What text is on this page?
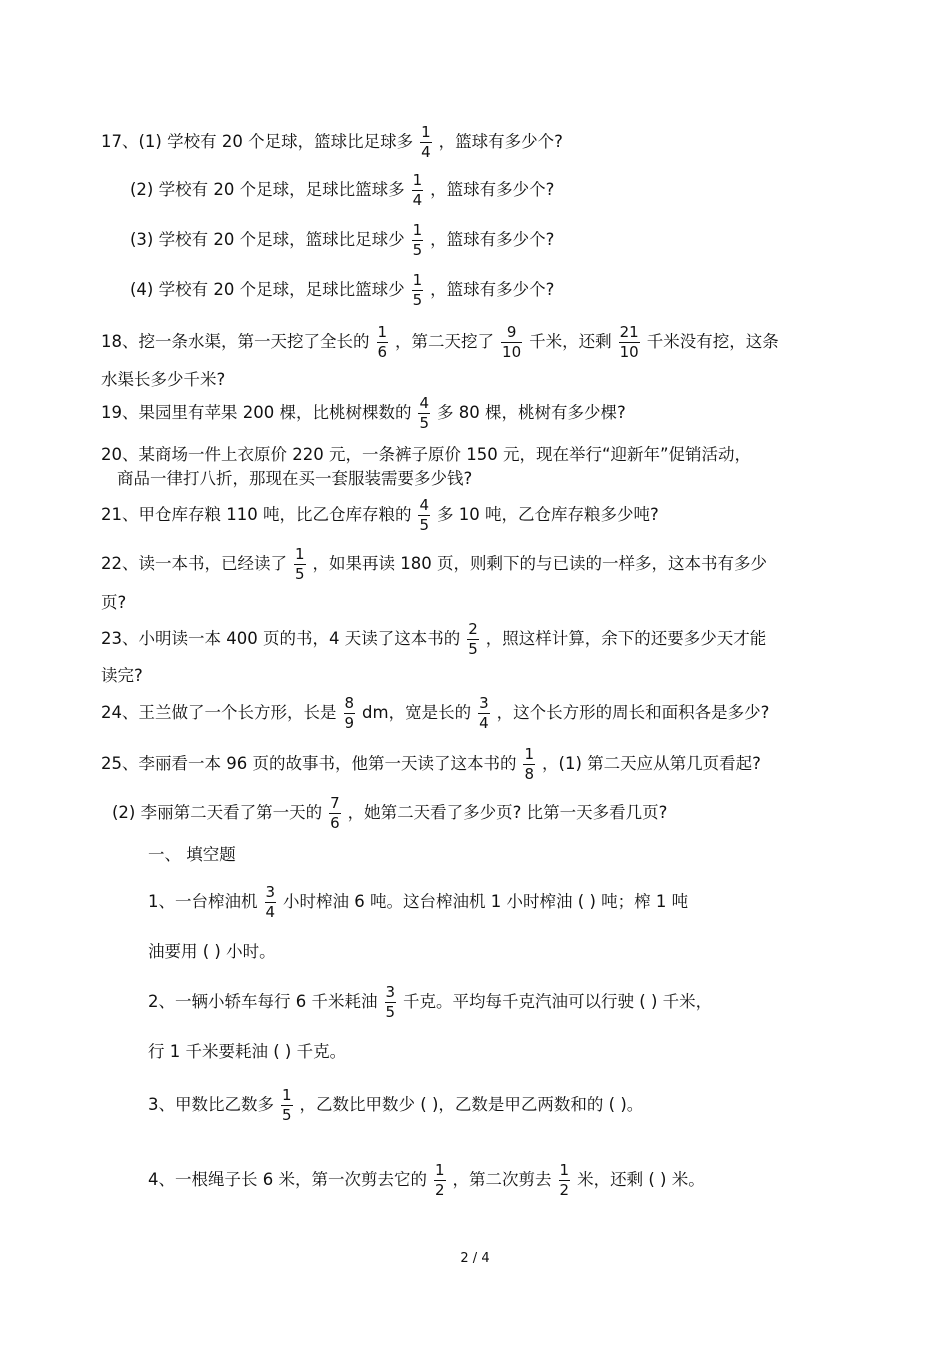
17、(1) 学校有 20 个足球，篮球比足球多 $\frac{1}{4}$ ，篮球有多少个?
(2) 学校有 20 个足球，足球比篮球多 $\frac{1}{4}$ ，篮球有多少个?
(3) 学校有 20 个足球，篮球比足球少 $\frac{1}{5}$ ，篮球有多少个?
(4) 学校有 20 个足球，足球比篮球少 $\frac{1}{5}$ ，篮球有多少个?
18、挖一条水渠，第一天挖了全长的 $\frac{1}{6}$ ，第二天挖了 $\frac{9}{10}$ 千米，还剩 $\frac{21}{10}$ 千米没有挖，这条
水渠长多少千米?
19、果园里有苹果 200 棵，比桃树棵数的 $\frac{4}{5}$ 多 80 棵，桃树有多少棵?
20、某商场一件上衣原价 220 元，一条裤子原价 150 元，现在举行“迎新年”促销活动，
商品一律打八折，那现在买一套服装需要多少钱?
21、甲仓库存粮 110 吨，比乙仓库存粮的 $\frac{4}{5}$ 多 10 吨，乙仓库存粮多少吨?
22、读一本书，已经读了 $\frac{1}{5}$ ，如果再读 180 页，则剩下的与已读的一样多，这本书有多少
页?
23、小明读一本 400 页的书，4 天读了这本书的 $\frac{2}{5}$ ，照这样计算，余下的还要多少天才能
读完?
24、王兰做了一个长方形，长是 $\frac{8}{9}$ dm，宽是长的 $\frac{3}{4}$ ，这个长方形的周长和面积各是多少?
25、李丽看一本 96 页的故事书，他第一天读了这本书的 $\frac{1}{8}$ ，(1) 第二天应从第几页看起?
(2) 李丽第二天看了第一天的 $\frac{7}{6}$ ，她第二天看了多少页? 比第一天多看几页?
一、 填空题
1、一台榨油机 $\frac{3}{4}$ 小时榨油 6 吨。这台榨油机 1 小时榨油 ( ) 吨；榨 1 吨
油要用 ( ) 小时。
2、一辆小轿车每行 6 千米耗油 $\frac{3}{5}$ 千克。平均每千克汽油可以行驶 ( ) 千米，
行 1 千米要耗油 ( ) 千克。
3、甲数比乙数多 $\frac{1}{5}$ ，乙数比甲数少 ( )，乙数是甲乙两数和的 ( )。
4、一根绳子长 6 米，第一次剪去它的 $\frac{1}{2}$ ，第二次剪去 $\frac{1}{2}$ 米，还剩 ( ) 米。
2 / 4
